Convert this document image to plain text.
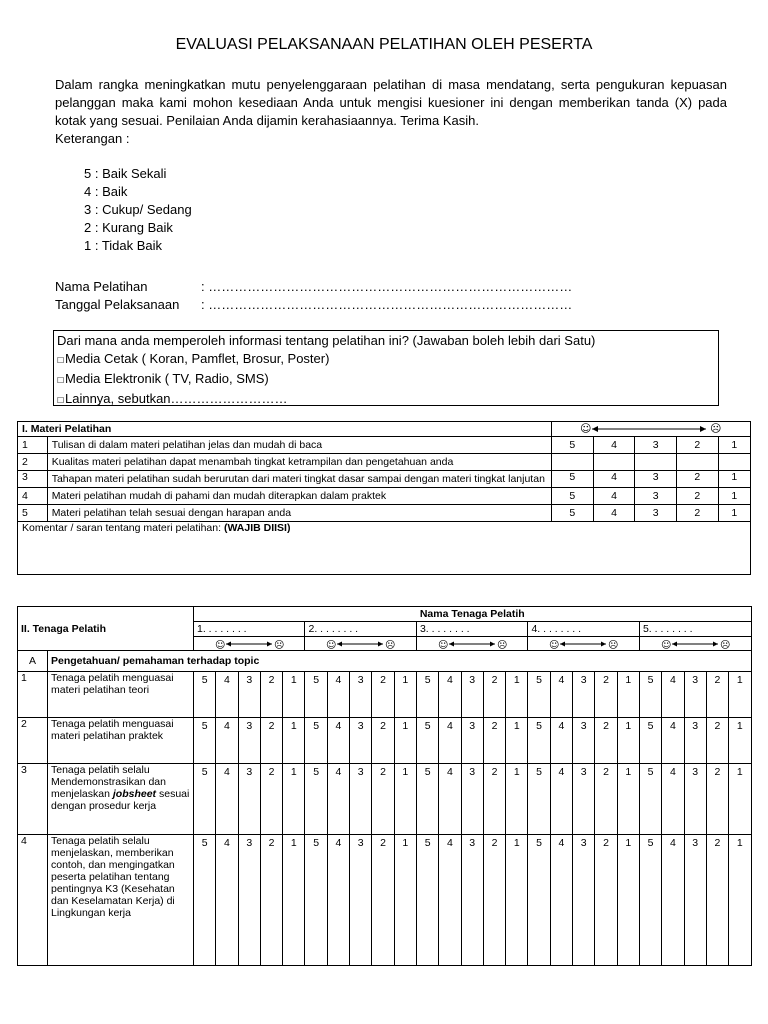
EVALUASI PELAKSANAAN PELATIHAN OLEH PESERTA
Dalam rangka meningkatkan mutu penyelenggaraan pelatihan di masa mendatang, serta pengukuran kepuasan pelanggan maka kami mohon kesediaan Anda untuk mengisi kuesioner ini dengan memberikan tanda (X) pada kotak yang sesuai. Penilaian Anda dijamin kerahasiaannya. Terima Kasih.
Keterangan :
5 : Baik Sekali
4 : Baik
3 : Cukup/ Sedang
2 : Kurang Baik
1 : Tidak Baik
Nama Pelatihan	: …………………………………………………………………………
Tanggal Pelaksanaan : …………………………………………………………………………
Dari mana anda memperoleh informasi tentang pelatihan ini? (Jawaban boleh lebih dari Satu)
☐Media Cetak ( Koran, Pamflet, Brosur, Poster)
☐Media Elektronik ( TV, Radio, SMS)
☐Lainnya, sebutkan………………………
I. Materi Pelatihan		☺ ☹				

1	Tulisan di dalam materi pelatihan jelas dan mudah di baca	5	4	3	2	1
2	Kualitas materi pelatihan dapat menambah tingkat ketrampilan dan pengetahuan anda					
3	Tahapan materi pelatihan sudah berurutan dari materi tingkat dasar sampai dengan materi tingkat lanjutan	5	4	3	2	1
4	Materi pelatihan mudah di pahami dan mudah diterapkan dalam praktek	5	4	3	2	1
5	Materi pelatihan telah sesuai dengan harapan anda	5	4	3	2	1
Komentar / saran tentang materi pelatihan: (WAJIB DIISI)						
II. Tenaga Pelatih		Nama Tenaga Pelatih																								
		1. . . . . . . .					2. . . . . . . .					3. . . . . . . .					4. . . . . . . .					5. . . . . . . .				

☺ ☹					☺ ☹					☺ ☹					☺ ☹					☺ ☹				

A	Pengetahuan/ pemahaman terhadap topic																									
1	Tenaga pelatih menguasai materi pelatihan teori	5	4	3	2	1	5	4	3	2	1	5	4	3	2	1	5	4	3	2	1	5	4	3	2	1
2	Tenaga pelatih menguasai materi pelatihan praktek	5	4	3	2	1	5	4	3	2	1	5	4	3	2	1	5	4	3	2	1	5	4	3	2	1
3	Tenaga pelatih selalu Mendemonstrasikan dan menjelaskan jobsheet sesuai dengan prosedur kerja	5	4	3	2	1	5	4	3	2	1	5	4	3	2	1	5	4	3	2	1	5	4	3	2	1
4	Tenaga pelatih selalu menjelaskan, memberikan contoh, dan mengingatkan peserta pelatihan tentang pentingnya K3 (Kesehatan dan Keselamatan Kerja) di Lingkungan kerja	5	4	3	2	1	5	4	3	2	1	5	4	3	2	1	5	4	3	2	1	5	4	3	2	1
